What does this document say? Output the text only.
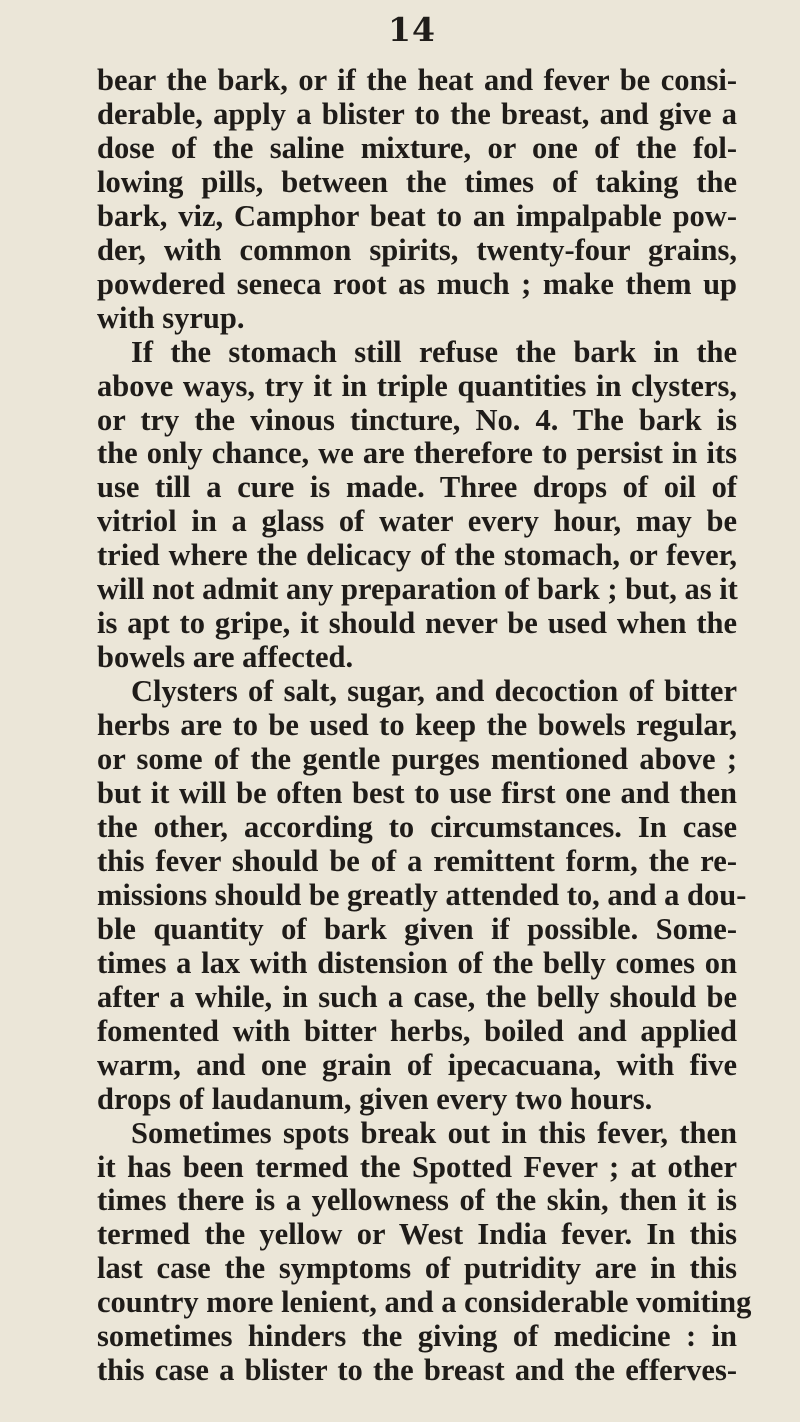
14
bear the bark, or if the heat and fever be consi-
derable, apply a blister to the breast, and give a
dose of the saline mixture, or one of the fol-
lowing pills, between the times of taking the
bark, viz, Camphor beat to an impalpable pow-
der, with common spirits, twenty-four grains,
powdered seneca root as much ; make them up
with syrup.
If the stomach still refuse the bark in the
above ways, try it in triple quantities in clysters,
or try the vinous tincture, No. 4. The bark is
the only chance, we are therefore to persist in its
use till a cure is made. Three drops of oil of
vitriol in a glass of water every hour, may be
tried where the delicacy of the stomach, or fever,
will not admit any preparation of bark ; but, as it
is apt to gripe, it should never be used when the
bowels are affected.
Clysters of salt, sugar, and decoction of bitter
herbs are to be used to keep the bowels regular,
or some of the gentle purges mentioned above ;
but it will be often best to use first one and then
the other, according to circumstances. In case
this fever should be of a remittent form, the re-
missions should be greatly attended to, and a dou-
ble quantity of bark given if possible. Some-
times a lax with distension of the belly comes on
after a while, in such a case, the belly should be
fomented with bitter herbs, boiled and applied
warm, and one grain of ipecacuana, with five
drops of laudanum, given every two hours.
Sometimes spots break out in this fever, then
it has been termed the Spotted Fever ; at other
times there is a yellowness of the skin, then it is
termed the yellow or West India fever. In this
last case the symptoms of putridity are in this
country more lenient, and a considerable vomiting
sometimes hinders the giving of medicine : in
this case a blister to the breast and the efferves-
